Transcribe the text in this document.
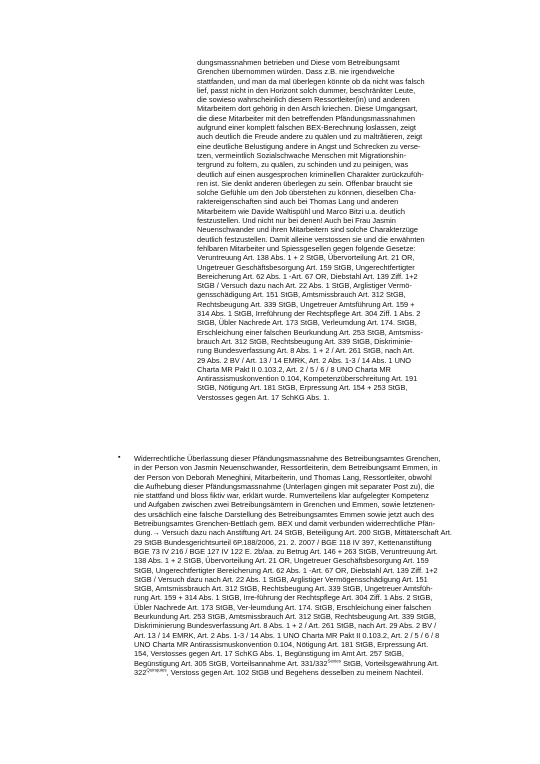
dungsmassnahmen betrieben und Diese vom Betreibungsamt
Grenchen übernommen würden. Dass z.B. nie irgendwelche
stattfanden, und man da mal überlegen könnte ob da nicht was falsch
lief, passt nicht in den Horizont solch dummer, beschränkter Leute,
die sowieso wahrscheinlich diesem Ressortleiter(in) und anderen
Mitarbeitern dort gehörig in den Arsch kriechen. Diese Umgangsart,
die diese Mitarbeiter mit den betreffenden Pfändungsmassnahmen
aufgrund einer komplett falschen BEX-Berechnung loslassen, zeigt
auch deutlich die Freude andere zu quälen und zu maltrătieren, zeigt
eine deutliche Belustigung andere in Angst und Schrecken zu verse-
tzen, vermeintlich Sozialschwache Menschen mit Migrationshin-
tergrund zu foltern, zu quälen, zu schinden und zu peinigen, was
deutlich auf einen ausgesprochen kriminellen Charakter zurückzufüh-
ren ist. Sie denkt anderen überlegen zu sein. Offenbar braucht sie
solche Gefühle um den Job überstehen zu können, dieselben Cha-
raktereigenschaften sind auch bei Thomas Lang und anderen
Mitarbeitern wie Davide Waltispühl und Marco Bitzi u.a. deutlich
festzustellen. Und nicht nur bei denen! Auch bei Frau Jasmin
Neuenschwander und ihren Mitarbeitern sind solche Charakterzüge
deutlich festzustellen. Damit alleine verstossen sie und die erwähnten
fehlbaren Mitarbeiter und Spiessgesellen gegen folgende Gesetze:
Veruntreuung Art. 138 Abs. 1 + 2 StGB, Übervorteilung Art. 21 OR,
Ungetreuer Geschäftsbesorgung Art. 159 StGB, Ungerechtfertigter
Bereicherung Art. 62 Abs. 1 -Art. 67 OR, Diebstahl Art. 139 Ziff. 1+2
StGB / Versuch dazu nach Art. 22 Abs. 1 StGB, Arglistiger Vermö-
gensschädigung Art. 151 StGB, Amtsmissbrauch Art. 312 StGB,
Rechtsbeugung Art. 339 StGB, Ungetreuer Amtsführung Art. 159 +
314 Abs. 1 StGB, Irreführung der Rechtspflege Art. 304 Ziff. 1 Abs. 2
StGB, Übler Nachrede Art. 173 StGB, Verleumdung Art. 174. StGB,
Erschleichung einer falschen Beurkundung Art. 253 StGB, Amtsmiss-
brauch Art. 312 StGB, Rechtsbeugung Art. 339 StGB, Diskriminie-
rung Bundesverfassung Art. 8 Abs. 1 + 2 / Art. 261 StGB, nach Art.
29 Abs. 2 BV / Art. 13 / 14 EMRK, Art. 2 Abs. 1-3 / 14 Abs. 1 UNO
Charta MR Pakt II 0.103.2, Art. 2 / 5 / 6 / 8 UNO Charta MR
Antirassismuskonvention 0.104, Kompetenzüberschreitung Art. 191
StGB, Nötigung Art. 181 StGB, Erpressung Art. 154 + 253 StGB,
Verstosses gegen Art. 17 SchKG Abs. 1.
▪
Widerrechtliche Überlassung dieser Pfändungsmassnahme des Betreibungsamtes Grenchen,
in der Person von Jasmin Neuenschwander, Ressortleiterin, dem Betreibungsamt Emmen, in
der Person von Deborah Meneghini, Mitarbeiterin, und Thomas Lang, Ressortleiter, obwohl
die Aufhebung dieser Pfändungsmassnahme (Unterlagen gingen mit separater Post zu), die
nie stattfand und bloss fiktiv war, erklärt wurde. Rumverteilens klar aufgelegter Kompetenz
und Aufgaben zwischen zwei Betreibungsämtern in Grenchen und Emmen, sowie letztenen-
des ursächlich eine falsche Darstellung des Betreibungsamtes Emmen sowie jetzt auch des
Betreibungsamtes Grenchen-Bettlach gem. BEX und damit verbunden widerrechtliche Pfän-
dung.→ Versuch dazu nach Anstiftung Art. 24 StGB, Beteiligung Art. 200 StGB, Mittäterschaft Art.
29 StGB Bundesgerichtsurteil 6P.188/2006, 21. 2. 2007 / BGE 118 IV 397, Kettenanstiftung
BGE 73 IV 216 / BGE 127 IV 122 E. 2b/aa. zu Betrug Art. 146 + 263 StGB, Veruntreuung Art.
138 Abs. 1 + 2 StGB, Übervorteilung Art. 21 OR, Ungetreuer Geschäftsbesorgung Art. 159
StGB, Ungerechtfertigter Bereicherung Art. 62 Abs. 1 -Art. 67 OR, Diebstahl Art. 139 Ziff. 1+2
StGB / Versuch dazu nach Art. 22 Abs. 1 StGB, Arglistiger Vermögensschädigung Art. 151
StGB, Amtsmissbrauch Art. 312 StGB, Rechtsbeugung Art. 339 StGB, Ungetreuer Amtsfüh-
rung Art. 159 + 314 Abs. 1 StGB, Irre-führung der Rechtspflege Art. 304 Ziff. 1 Abs. 2 StGB,
Übler Nachrede Art. 173 StGB, Ver-leumdung Art. 174. StGB, Erschleichung einer falschen
Beurkundung Art. 253 StGB, Amtsmissbrauch Art. 312 StGB, Rechtsbeugung Art. 339 StGB,
Diskriminierung Bundesverfassung Art. 8 Abs. 1 + 2 / Art. 261 StGB, nach Art. 29 Abs. 2 BV /
Art. 13 / 14 EMRK, Art. 2 Abs. 1-3 / 14 Abs. 1 UNO Charta MR Pakt II 0.103.2, Art. 2 / 5 / 6 / 8
UNO Charta MR Antirassismuskonvention 0.104, Nötigung Art. 181 StGB, Erpressung Art.
154, Verstosses gegen Art. 17 SchKG Abs. 1, Begünstigung im Amt Art. 257 StGB,
Begünstigung Art. 305 StGB, Vorteilsannahme Art. $331/332^{Sexies}$ StGB, Vorteilsgewährung Art.
$322^{Quinquies}$, Verstoss gegen Art. 102 StGB und Begehens desselben zu meinem Nachteil.
